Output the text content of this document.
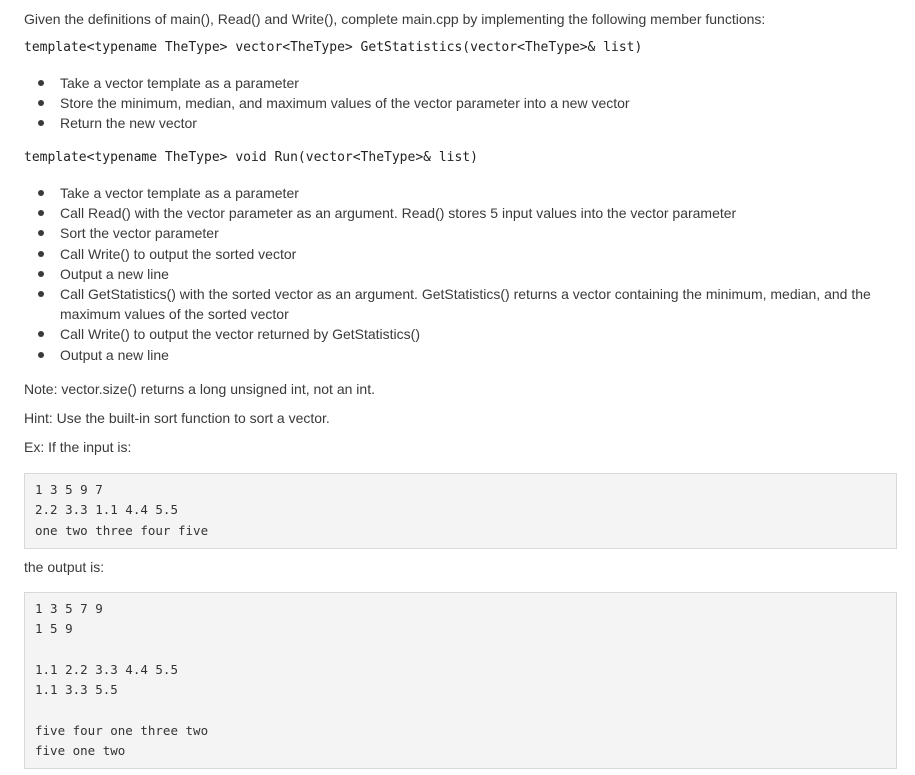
Given the definitions of main(), Read() and Write(), complete main.cpp by implementing the following member functions:

template<typename TheType> vector<TheType> GetStatistics(vector<TheType>& list)
Take a vector template as a parameter
Store the minimum, median, and maximum values of the vector parameter into a new vector
Return the new vector
template<typename TheType> void Run(vector<TheType>& list)
Take a vector template as a parameter
Call Read() with the vector parameter as an argument. Read() stores 5 input values into the vector parameter
Sort the vector parameter
Call Write() to output the sorted vector
Output a new line
Call GetStatistics() with the sorted vector as an argument. GetStatistics() returns a vector containing the minimum, median, and the maximum values of the sorted vector
Call Write() to output the vector returned by GetStatistics()
Output a new line

Note: vector.size() returns a long unsigned int, not an int.

Hint: Use the built-in sort function to sort a vector.

Ex: If the input is:

1 3 5 9 7
2.2 3.3 1.1 4.4 5.5
one two three four five

the output is:

1 3 5 7 9
1 5 9
1.1 2.2 3.3 4.4 5.5
1.1 3.3 5.5
five four one three two
five one two
